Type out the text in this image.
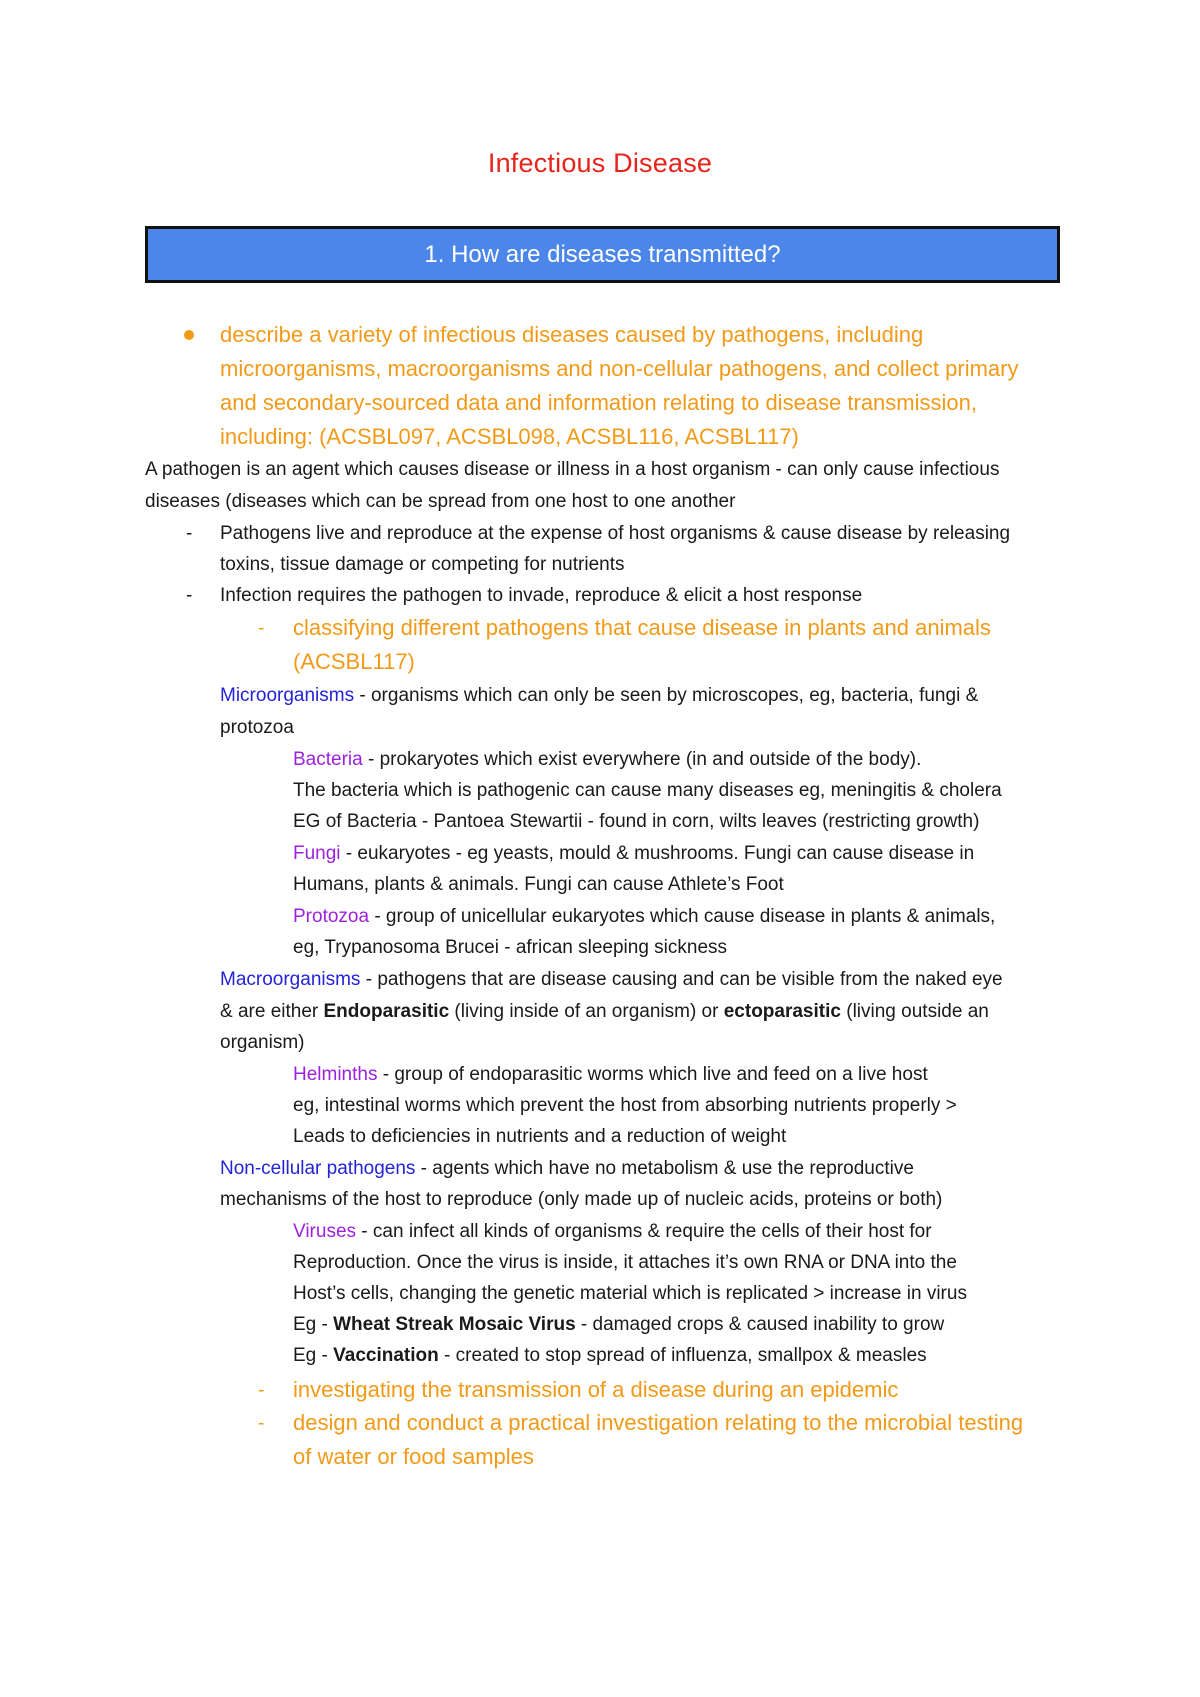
Infectious Disease
1. How are diseases transmitted?
describe a variety of infectious diseases caused by pathogens, including
microorganisms, macroorganisms and non-cellular pathogens, and collect primary
and secondary-sourced data and information relating to disease transmission,
including: (ACSBL097, ACSBL098, ACSBL116, ACSBL117)
A pathogen is an agent which causes disease or illness in a host organism - can only cause infectious
diseases (diseases which can be spread from one host to one another
- Pathogens live and reproduce at the expense of host organisms & cause disease by releasing
toxins, tissue damage or competing for nutrients
- Infection requires the pathogen to invade, reproduce & elicit a host response
- classifying different pathogens that cause disease in plants and animals
(ACSBL117)
Microorganisms - organisms which can only be seen by microscopes, eg, bacteria, fungi &
protozoa
Bacteria - prokaryotes which exist everywhere (in and outside of the body).
The bacteria which is pathogenic can cause many diseases eg, meningitis & cholera
EG of Bacteria - Pantoea Stewartii - found in corn, wilts leaves (restricting growth)
Fungi - eukaryotes - eg yeasts, mould & mushrooms. Fungi can cause disease in
Humans, plants & animals. Fungi can cause Athlete’s Foot
Protozoa - group of unicellular eukaryotes which cause disease in plants & animals,
eg, Trypanosoma Brucei - african sleeping sickness
Macroorganisms - pathogens that are disease causing and can be visible from the naked eye
& are either Endoparasitic (living inside of an organism) or ectoparasitic (living outside an
organism)
Helminths - group of endoparasitic worms which live and feed on a live host
eg, intestinal worms which prevent the host from absorbing nutrients properly >
Leads to deficiencies in nutrients and a reduction of weight
Non-cellular pathogens - agents which have no metabolism & use the reproductive
mechanisms of the host to reproduce (only made up of nucleic acids, proteins or both)
Viruses - can infect all kinds of organisms & require the cells of their host for
Reproduction. Once the virus is inside, it attaches it’s own RNA or DNA into the
Host’s cells, changing the genetic material which is replicated > increase in virus
Eg - Wheat Streak Mosaic Virus - damaged crops & caused inability to grow
Eg - Vaccination - created to stop spread of influenza, smallpox & measles
- investigating the transmission of a disease during an epidemic
- design and conduct a practical investigation relating to the microbial testing
of water or food samples
